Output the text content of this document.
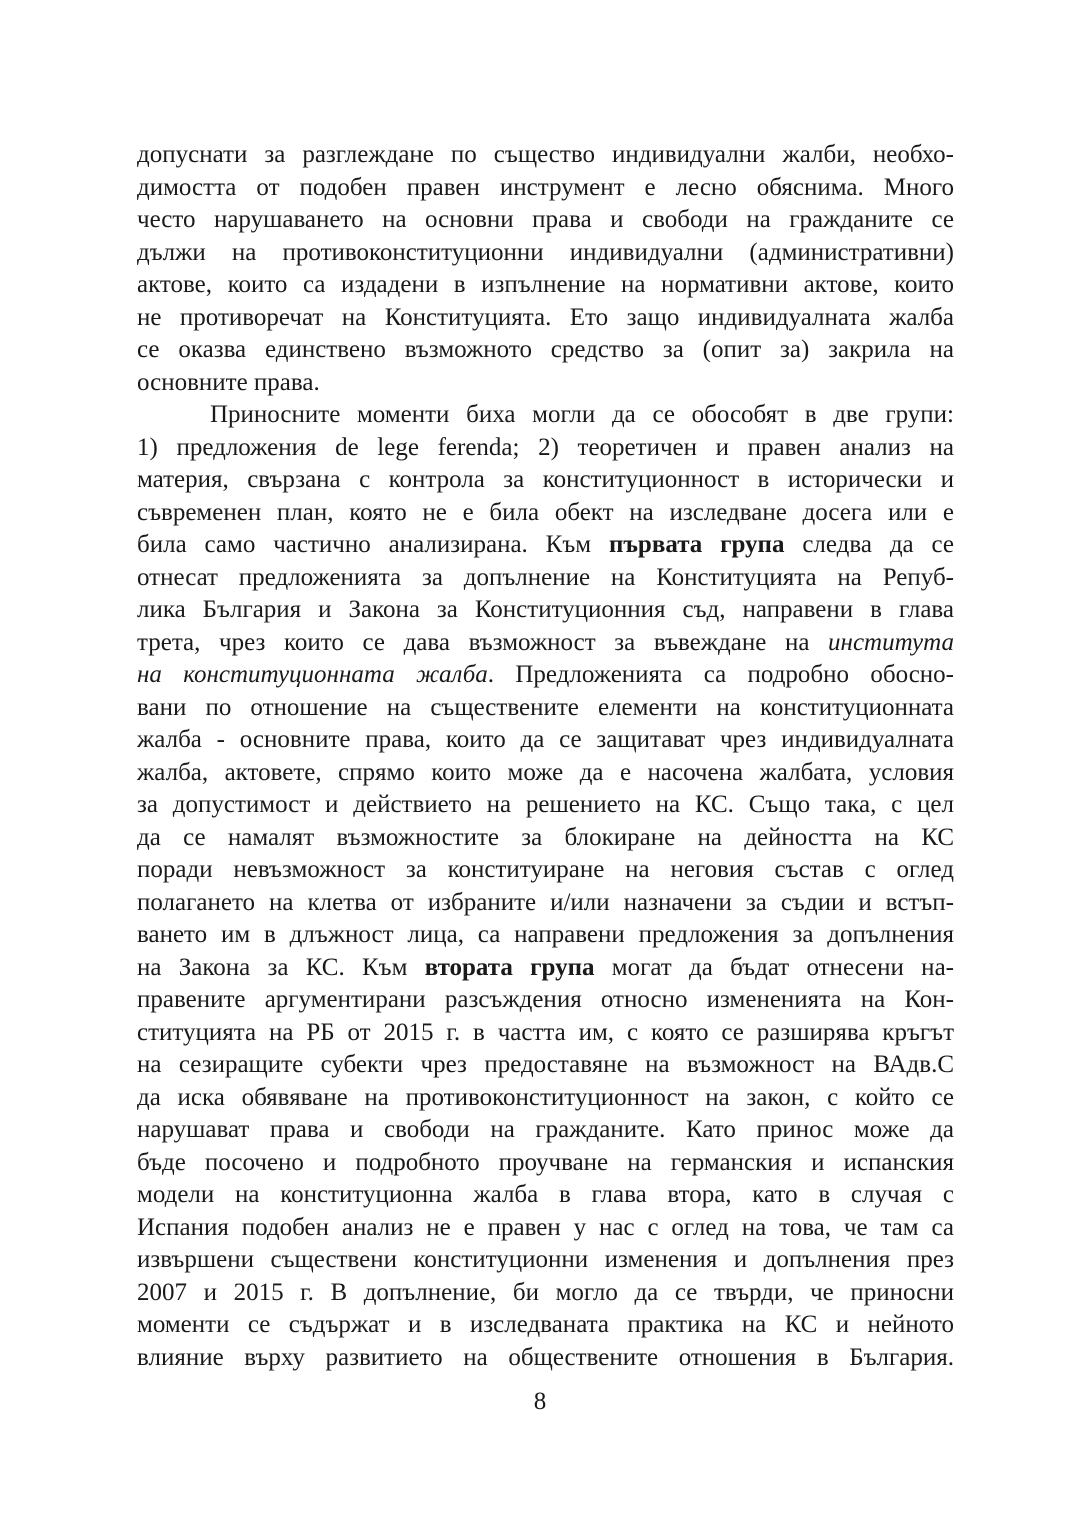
допуснати за разглеждане по същество индивидуални жалби, необхо-
димостта от подобен правен инструмент е лесно обяснима. Много
често нарушаването на основни права и свободи на гражданите се
дължи на противоконституционни индивидуални (административни)
актове, които са издадени в изпълнение на нормативни актове, които
не противоречат на Конституцията. Ето защо индивидуалната жалба
се оказва единствено възможното средство за (опит за) закрила на
основните права.
Приносните моменти биха могли да се обособят в две групи:
1) предложения de lege ferenda; 2) теоретичен и правен анализ на
материя, свързана с контрола за конституционност в исторически и
съвременен план, която не е била обект на изследване досега или е
била само частично анализирана. Към първата група следва да се
отнесат предложенията за допълнение на Конституцията на Репуб-
лика България и Закона за Конституционния съд, направени в глава
трета, чрез които се дава възможност за въвеждане на института
на конституционната жалба. Предложенията са подробно обосно-
вани по отношение на съществените елементи на конституционната
жалба - основните права, които да се защитават чрез индивидуалната
жалба, актовете, спрямо които може да е насочена жалбата, условия
за допустимост и действието на решението на КС. Също така, с цел
да се намалят възможностите за блокиране на дейността на КС
поради невъзможност за конституиране на неговия състав с оглед
полагането на клетва от избраните и/или назначени за съдии и встъп-
ването им в длъжност лица, са направени предложения за допълнения
на Закона за КС. Към втората група могат да бъдат отнесени на-
правените аргументирани разсъждения относно измененията на Кон-
ституцията на РБ от 2015 г. в частта им, с която се разширява кръгът
на сезиращите субекти чрез предоставяне на възможност на ВАдв.С
да иска обявяване на противоконституционност на закон, с който се
нарушават права и свободи на гражданите. Като принос може да
бъде посочено и подробното проучване на германския и испанския
модели на конституционна жалба в глава втора, като в случая с
Испания подобен анализ не е правен у нас с оглед на това, че там са
извършени съществени конституционни изменения и допълнения през
2007 и 2015 г. В допълнение, би могло да се твърди, че приносни
моменти се съдържат и в изследваната практика на КС и нейното
влияние върху развитието на обществените отношения в България.
8
